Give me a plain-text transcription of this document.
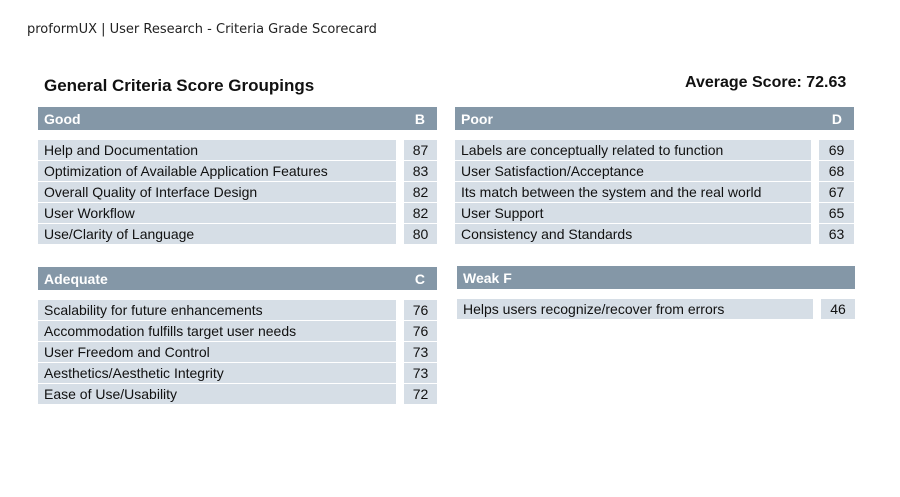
proformUX | User Research - Criteria Grade Scorecard
General Criteria Score Groupings	Average Score: 72.63
Good	B
Help and Documentation	87
Optimization of Available Application Features	83
Overall Quality of Interface Design	82
User Workflow	82
Use/Clarity of Language	80
Poor	D
Labels are conceptually related to function	69
User Satisfaction/Acceptance	68
Its match between the system and the real world	67
User Support	65
Consistency and Standards	63
Adequate	C
Scalability for future enhancements	76
Accommodation fulfills target user needs	76
User Freedom and Control	73
Aesthetics/Aesthetic Integrity	73
Ease of Use/Usability	72
Weak F
Helps users recognize/recover from errors	46
